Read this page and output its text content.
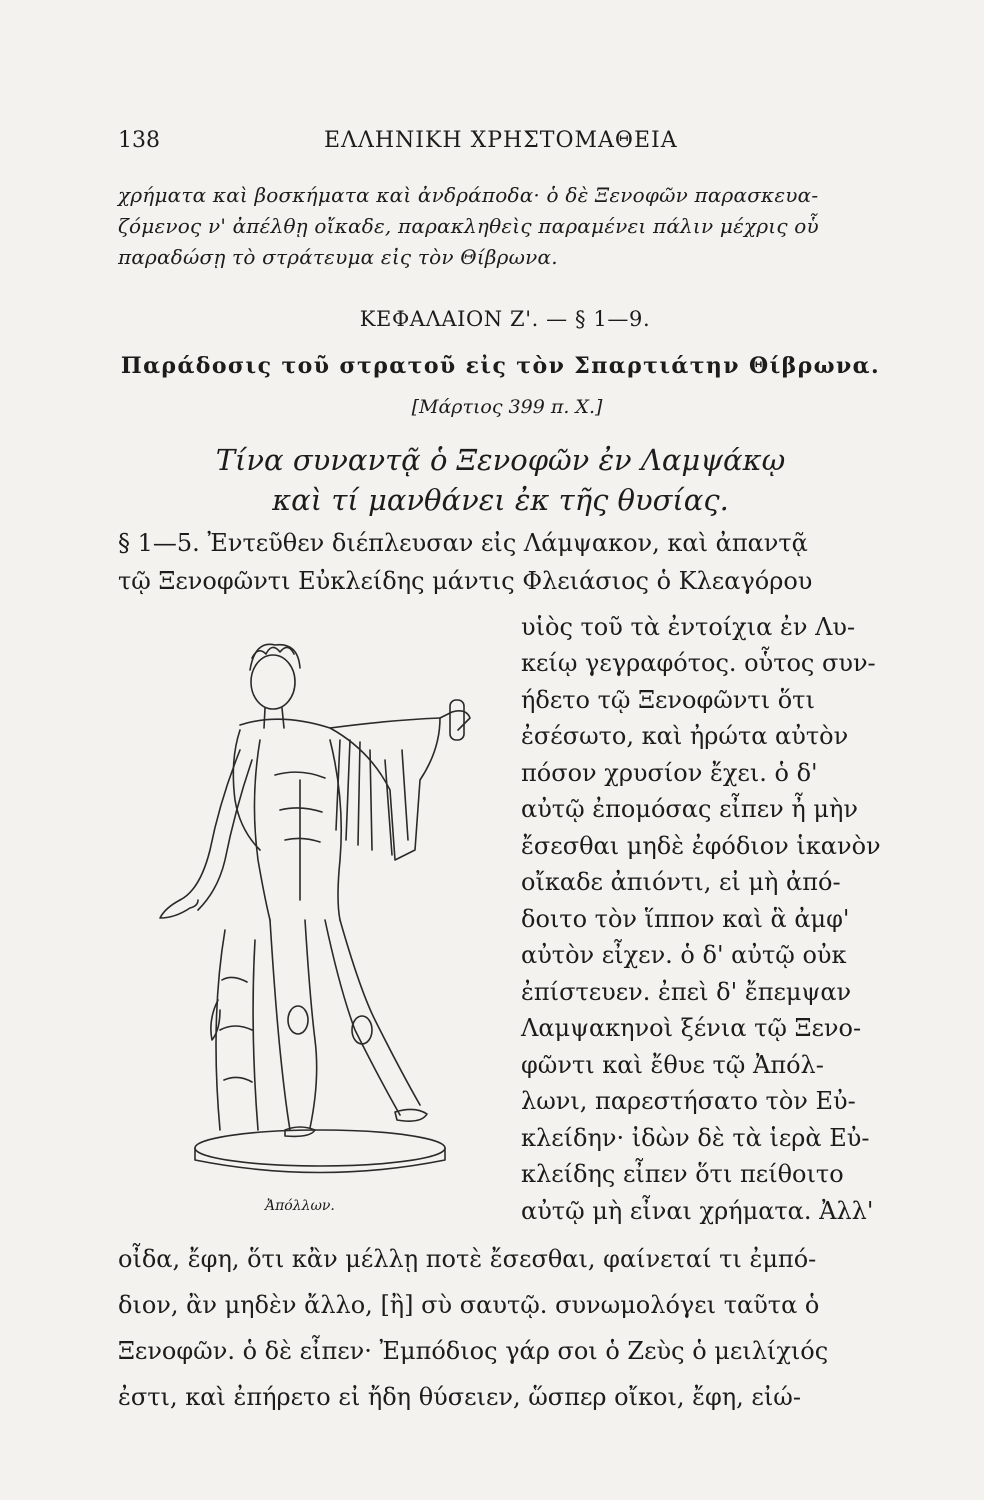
138	ΕΛΛΗΝΙΚΗ ΧΡΗΣΤΟΜΑΘΕΙΑ

χρήματα καὶ βοσκήματα καὶ ἀνδράποδα· ὁ δὲ Ξενοφῶν παρασκευα-

ζόμενος ν' ἀπέλθῃ οἴκαδε, παρακληθεὶς παραμένει πάλιν μέχρις οὗ

παραδώσῃ τὸ στράτευμα εἰς τὸν Θίβρωνα.

ΚΕΦΑΛΑΙΟΝ Ζ'. — § 1—9.
Παράδοσις τοῦ στρατοῦ εἰς τὸν Σπαρτιάτην Θίβρωνα.
[Μάρτιος 399 π. Χ.]
Τίνα συναντᾷ ὁ Ξενοφῶν ἐν Λαμψάκῳ
καὶ τί μανθάνει ἐκ τῆς θυσίας.
§ 1—5. Ἐντεῦθεν διέπλευσαν εἰς Λάμψακον, καὶ ἀπαντᾷ
τῷ Ξενοφῶντι Εὐκλείδης μάντις Φλειάσιος ὁ Κλεαγόρου
υἱὸς τοῦ τὰ ἐντοίχια ἐν Λυ-
κείῳ γεγραφότος. οὗτος συν-
ήδετο τῷ Ξενοφῶντι ὅτι
ἐσέσωτο, καὶ ἠρώτα αὐτὸν
πόσον χρυσίον ἔχει. ὁ δ'
αὐτῷ ἐπομόσας εἶπεν ἦ μὴν
ἔσεσθαι μηδὲ ἐφόδιον ἱκανὸν
οἴκαδε ἀπιόντι, εἰ μὴ ἀπό-
δοιτο τὸν ἵππον καὶ ἃ ἀμφ'
αὐτὸν εἶχεν. ὁ δ' αὐτῷ οὐκ
ἐπίστευεν. ἐπεὶ δ' ἔπεμψαν
Λαμψακηνοὶ ξένια τῷ Ξενο-
φῶντι καὶ ἔθυε τῷ Ἀπόλ-
λωνι, παρεστήσατο τὸν Εὐ-
κλείδην· ἰδὼν δὲ τὰ ἱερὰ Εὐ-
κλείδης εἶπεν ὅτι πείθοιτο
αὐτῷ μὴ εἶναι χρήματα. Ἀλλ'
Ἀπόλλων.
οἶδα, ἔφη, ὅτι κἂν μέλλῃ ποτὲ ἔσεσθαι, φαίνεταί τι ἐμπό-
διον, ἂν μηδὲν ἄλλο, [ἢ] σὺ σαυτῷ. συνωμολόγει ταῦτα ὁ
Ξενοφῶν. ὁ δὲ εἶπεν· Ἐμπόδιος γάρ σοι ὁ Ζεὺς ὁ μειλίχιός
ἐστι, καὶ ἐπήρετο εἰ ἤδη θύσειεν, ὥσπερ οἴκοι, ἔφη, εἰώ-
